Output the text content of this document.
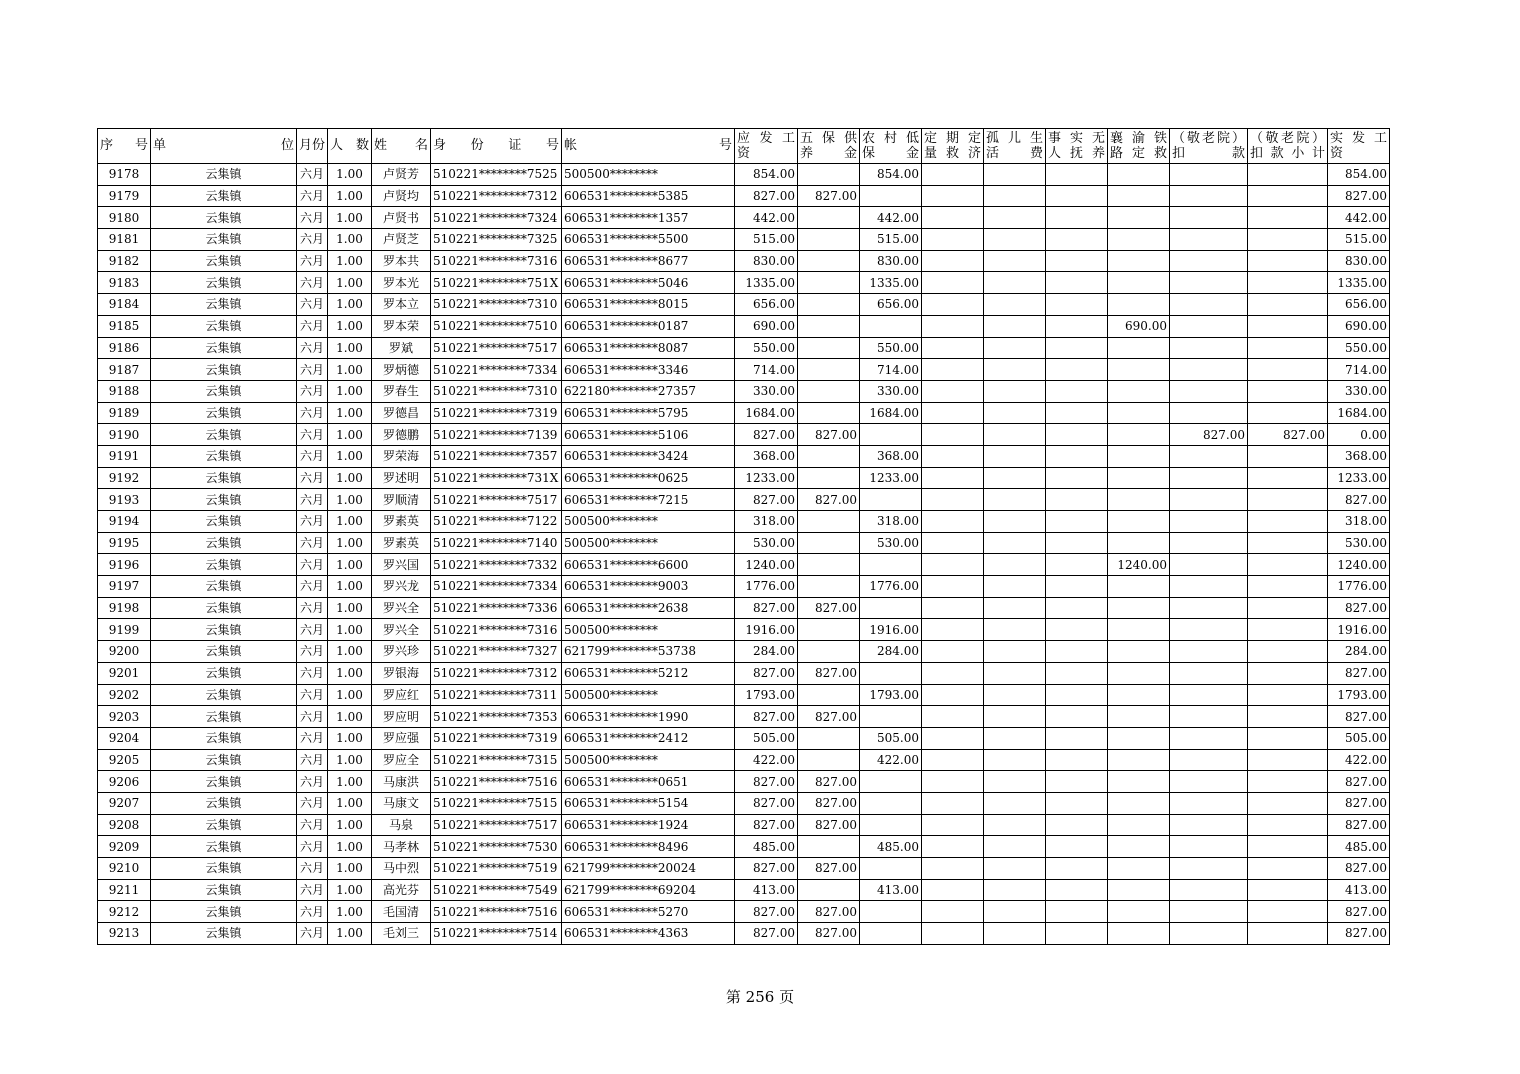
序 号	单 位	月份	人 数	姓 名	身 份 证 号	帐 号	应 发 工 资	五 保 供 养 金	农 村 低 保 金	定 期 定 量 救 济	孤 儿 生 活 费	事 实 无 人 抚 养	襄 渝 铁 路 定 救	（敬老院） 扣 款	（敬老院） 扣 款 小 计	实 发 工 资
9178	云集镇	六月	1.00	卢贤芳	510221********7525	500500********	854.00		854.00							854.00
9179	云集镇	六月	1.00	卢贤均	510221********7312	606531********5385	827.00	827.00								827.00
9180	云集镇	六月	1.00	卢贤书	510221********7324	606531********1357	442.00		442.00							442.00
9181	云集镇	六月	1.00	卢贤芝	510221********7325	606531********5500	515.00		515.00							515.00
9182	云集镇	六月	1.00	罗本共	510221********7316	606531********8677	830.00		830.00							830.00
9183	云集镇	六月	1.00	罗本光	510221********751X	606531********5046	1335.00		1335.00							1335.00
9184	云集镇	六月	1.00	罗本立	510221********7310	606531********8015	656.00		656.00							656.00
9185	云集镇	六月	1.00	罗本荣	510221********7510	606531********0187	690.00						690.00			690.00
9186	云集镇	六月	1.00	罗斌	510221********7517	606531********8087	550.00		550.00							550.00
9187	云集镇	六月	1.00	罗炳德	510221********7334	606531********3346	714.00		714.00							714.00
9188	云集镇	六月	1.00	罗春生	510221********7310	622180********27357	330.00		330.00							330.00
9189	云集镇	六月	1.00	罗德昌	510221********7319	606531********5795	1684.00		1684.00							1684.00
9190	云集镇	六月	1.00	罗德鹏	510221********7139	606531********5106	827.00	827.00						827.00	827.00	0.00
9191	云集镇	六月	1.00	罗荣海	510221********7357	606531********3424	368.00		368.00							368.00
9192	云集镇	六月	1.00	罗述明	510221********731X	606531********0625	1233.00		1233.00							1233.00
9193	云集镇	六月	1.00	罗顺清	510221********7517	606531********7215	827.00	827.00								827.00
9194	云集镇	六月	1.00	罗素英	510221********7122	500500********	318.00		318.00							318.00
9195	云集镇	六月	1.00	罗素英	510221********7140	500500********	530.00		530.00							530.00
9196	云集镇	六月	1.00	罗兴国	510221********7332	606531********6600	1240.00						1240.00			1240.00
9197	云集镇	六月	1.00	罗兴龙	510221********7334	606531********9003	1776.00		1776.00							1776.00
9198	云集镇	六月	1.00	罗兴全	510221********7336	606531********2638	827.00	827.00								827.00
9199	云集镇	六月	1.00	罗兴全	510221********7316	500500********	1916.00		1916.00							1916.00
9200	云集镇	六月	1.00	罗兴珍	510221********7327	621799********53738	284.00		284.00							284.00
9201	云集镇	六月	1.00	罗银海	510221********7312	606531********5212	827.00	827.00								827.00
9202	云集镇	六月	1.00	罗应红	510221********7311	500500********	1793.00		1793.00							1793.00
9203	云集镇	六月	1.00	罗应明	510221********7353	606531********1990	827.00	827.00								827.00
9204	云集镇	六月	1.00	罗应强	510221********7319	606531********2412	505.00		505.00							505.00
9205	云集镇	六月	1.00	罗应全	510221********7315	500500********	422.00		422.00							422.00
9206	云集镇	六月	1.00	马康洪	510221********7516	606531********0651	827.00	827.00								827.00
9207	云集镇	六月	1.00	马康文	510221********7515	606531********5154	827.00	827.00								827.00
9208	云集镇	六月	1.00	马泉	510221********7517	606531********1924	827.00	827.00								827.00
9209	云集镇	六月	1.00	马孝林	510221********7530	606531********8496	485.00		485.00							485.00
9210	云集镇	六月	1.00	马中烈	510221********7519	621799********20024	827.00	827.00								827.00
9211	云集镇	六月	1.00	高光芬	510221********7549	621799********69204	413.00		413.00							413.00
9212	云集镇	六月	1.00	毛国清	510221********7516	606531********5270	827.00	827.00								827.00
9213	云集镇	六月	1.00	毛刘三	510221********7514	606531********4363	827.00	827.00								827.00
第 256 页
